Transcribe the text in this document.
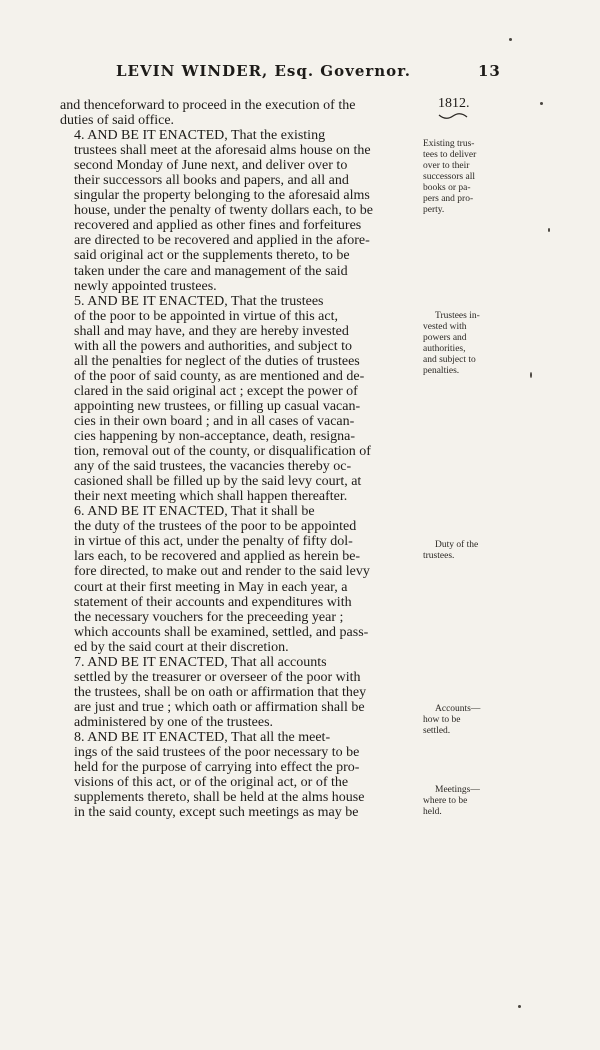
LEVIN WINDER, Esq. Governor.	13
1812.

and thenceforward to proceed in the execution of the
duties of said office.

4. AND BE IT ENACTED, That the existing
trustees shall meet at the aforesaid alms house on the
second Monday of June next, and deliver over to
their successors all books and papers, and all and
singular the property belonging to the aforesaid alms
house, under the penalty of twenty dollars each, to be
recovered and applied as other fines and forfeitures
are directed to be recovered and applied in the afore-
said original act or the supplements thereto, to be
taken under the care and management of the said
newly appointed trustees.

5. AND BE IT ENACTED, That the trustees
of the poor to be appointed in virtue of this act,
shall and may have, and they are hereby invested
with all the powers and authorities, and subject to
all the penalties for neglect of the duties of trustees
of the poor of said county, as are mentioned and de-
clared in the said original act ; except the power of
appointing new trustees, or filling up casual vacan-
cies in their own board ; and in all cases of vacan-
cies happening by non-acceptance, death, resigna-
tion, removal out of the county, or disqualification of
any of the said trustees, the vacancies thereby oc-
casioned shall be filled up by the said levy court, at
their next meeting which shall happen thereafter.

6. AND BE IT ENACTED, That it shall be
the duty of the trustees of the poor to be appointed
in virtue of this act, under the penalty of fifty dol-
lars each, to be recovered and applied as herein be-
fore directed, to make out and render to the said levy
court at their first meeting in May in each year, a
statement of their accounts and expenditures with
the necessary vouchers for the preceeding year ;
which accounts shall be examined, settled, and pass-
ed by the said court at their discretion.

7. AND BE IT ENACTED, That all accounts
settled by the treasurer or overseer of the poor with
the trustees, shall be on oath or affirmation that they
are just and true ; which oath or affirmation shall be
administered by one of the trustees.

8. AND BE IT ENACTED, That all the meet-
ings of the said trustees of the poor necessary to be
held for the purpose of carrying into effect the pro-
visions of this act, or of the original act, or of the
supplements thereto, shall be held at the alms house
in the said county, except such meetings as may be

Existing trus-
tees to deliver
over to their
successors all
books or pa-
pers and pro-
perty.
Trustees in-
vested with
powers and
authorities,
and subject to
penalties.
Duty of the
trustees.
Accounts—
how to be
settled.
Meetings—
where to be
held.
